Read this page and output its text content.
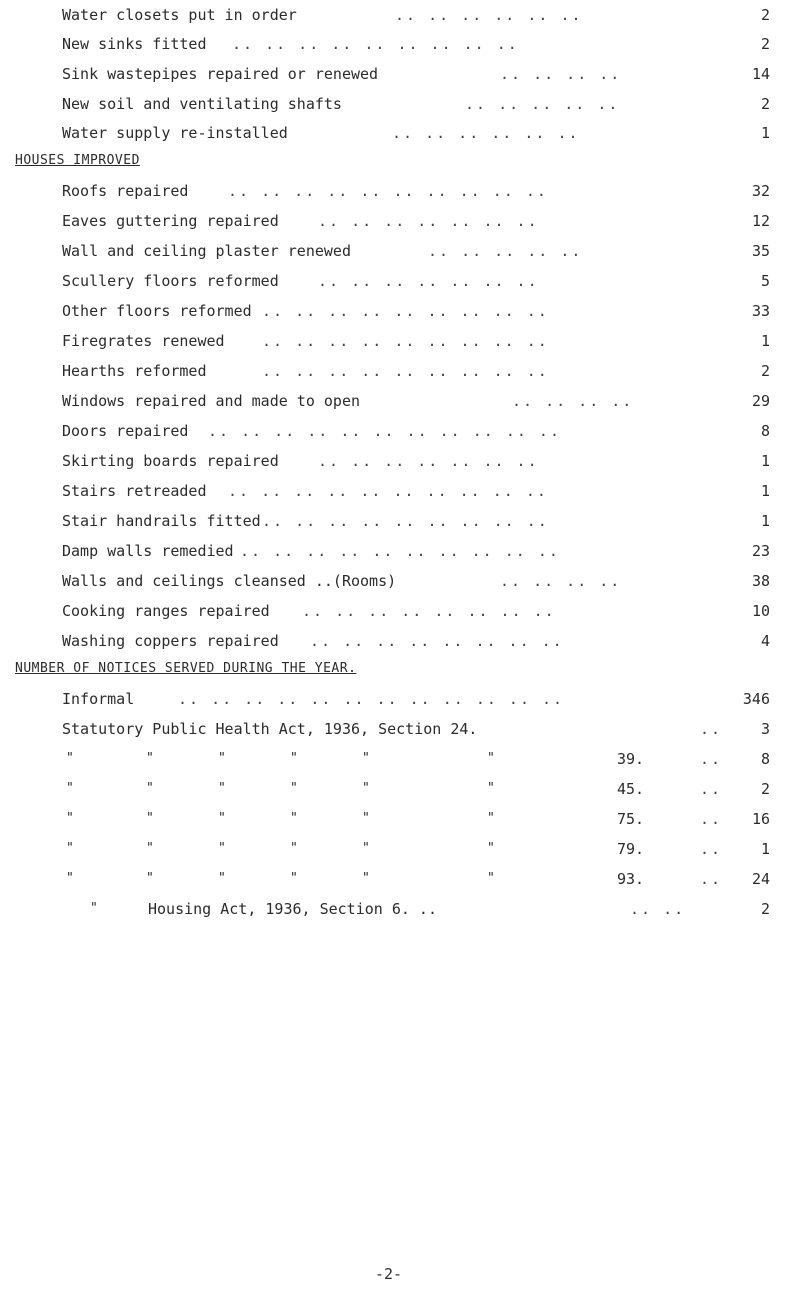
Water closets put in order	.. .. .. .. .. ..	2
New sinks fitted .. .. .. .. .. .. .. .. ..	2
Sink wastepipes repaired or renewed	.. .. .. ..	14
New soil and ventilating shafts	.. .. .. .. ..	2
Water supply re-installed	.. .. .. .. .. ..	1
HOUSES IMPROVED
Roofs repaired	.. .. .. .. .. .. .. .. .. ..	32
Eaves guttering repaired	.. .. .. .. .. .. ..	12
Wall and ceiling plaster renewed	.. .. .. .. ..	35
Scullery floors reformed	.. .. .. .. .. .. ..	5
Other floors reformed .. .. .. .. .. .. .. .. ..	33
Firegrates renewed .. .. .. .. .. .. .. .. ..	1
Hearths reformed	.. .. .. .. .. .. .. .. ..	2
Windows repaired and made to open	.. .. .. ..	29
Doors repaired .. .. .. .. .. .. .. .. .. .. ..	8
Skirting boards repaired	.. .. .. .. .. .. ..	1
Stairs retreaded .. .. .. .. .. .. .. .. .. ..	1
Stair handrails fitted .. .. .. .. .. .. .. .. ..	1
Damp walls remedied .. .. .. .. .. .. .. .. .. ..	23
Walls and ceilings cleansed ..(Rooms)	.. .. .. ..	38
Cooking ranges repaired .. .. .. .. .. .. .. ..	10
Washing coppers repaired .. .. .. .. .. .. .. ..	4
NUMBER OF NOTICES SERVED DURING THE YEAR.
Informal	.. .. .. .. .. .. .. .. .. .. .. ..	346
Statutory Public Health Act, 1936, Section 24.	..	3
"	"	"	"	"	"	39.	..	8
"	"	"	"	"	"	45.	..	2
"	"	"	"	"	"	75.	.. 16
"	"	"	"	"	"	79.	..	1
"	"	"	"	"	"	93.	.. 24
"	Housing Act, 1936, Section 6. ..	.. ..	2
-2-
